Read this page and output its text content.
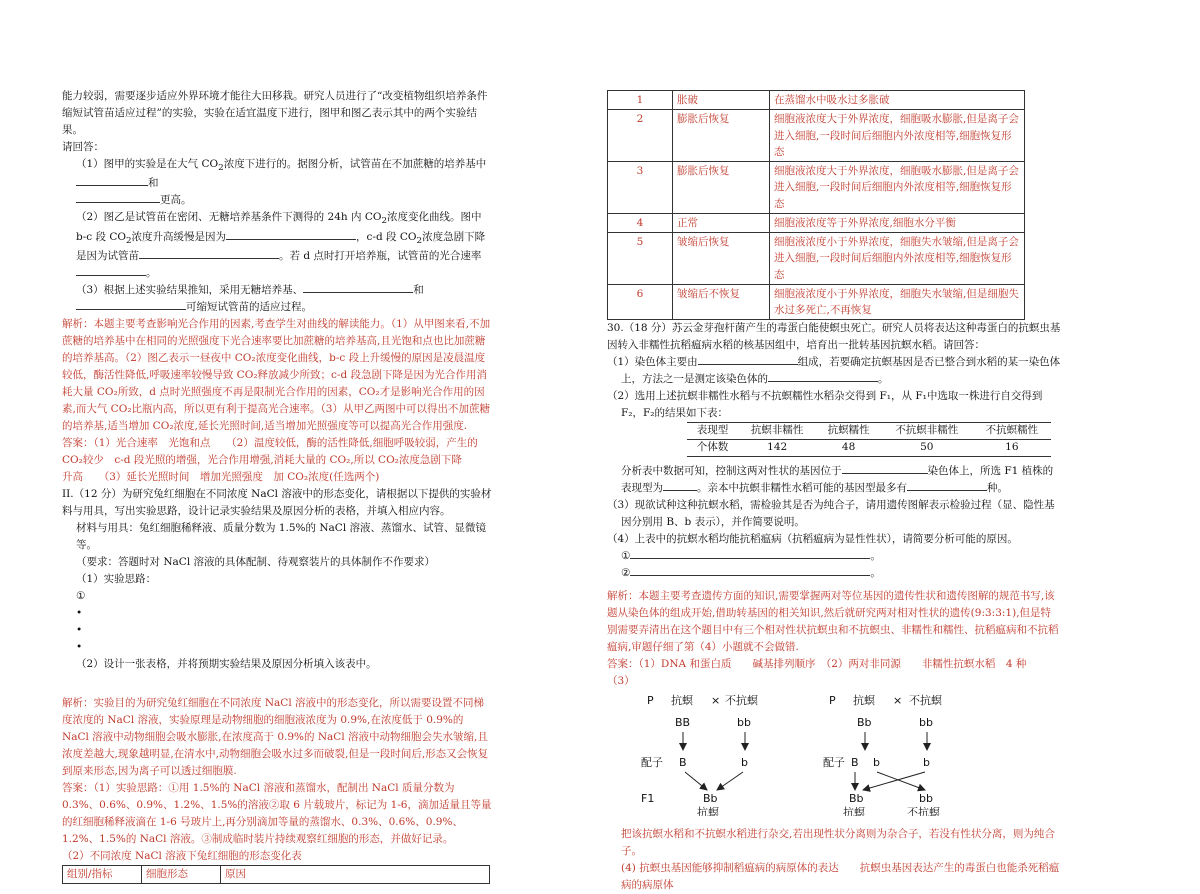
能力较弱，需要逐步适应外界环境才能往大田移栽。研究人员进行了“改变植物组织培养条件缩短试管苗适应过程”的实验，实验在适宜温度下进行，图甲和图乙表示其中的两个实验结果。

请回答：

（1）图甲的实验是在大气 $CO_2$浓度下进行的。据图分析，试管苗在不加蔗糖的培养基中和
更高。

（2）图乙是试管苗在密闭、无糖培养基条件下测得的 24h 内 $CO_2$浓度变化曲线。图中 b-c 段 $CO_2$浓度升高缓慢是因为	，c-d 段 $CO_2$浓度急剧下降是因为试管苗	。若 d 点时打开培养瓶，试管苗的光合速率。

（3）根据上述实验结果推知，采用无糖培养基、	和可缩短试管苗的适应过程。

解析：本题主要考查影响光合作用的因素,考查学生对曲线的解读能力。（1）从甲图来看,不加蔗糖的培养基中在相同的光照强度下光合速率要比加蔗糖的培养基高,且光饱和点也比加蔗糖的培养基高。（2）图乙表示一昼夜中 CO₂浓度变化曲线，b-c 段上升缓慢的原因是凌晨温度较低，酶活性降低,呼吸速率较慢导致 CO₂释放减少所致；c-d 段急剧下降是因为光合作用消耗大量 CO₂所致，d 点时光照强度不再是限制光合作用的因素，CO₂才是影响光合作用的因素,而大气 CO₂比瓶内高，所以更有利于提高光合速率。（3）从甲乙两图中可以得出不加蔗糖的培养基,适当增加 CO₂浓度,延长光照时间,适当增加光照强度等可以提高光合作用强度.

答案：（1）光合速率　光饱和点　　（2）温度较低，酶的活性降低,细胞呼吸较弱，产生的 CO₂较少　c-d 段光照的增强，光合作用增强,消耗大量的 CO₂,所以 CO₂浓度急剧下降　　　升高　　（3）延长光照时间　增加光照强度　加 CO₂浓度(任选两个)

II.（12 分）为研究兔红细胞在不同浓度 NaCl 溶液中的形态变化，请根据以下提供的实验材料与用具，写出实验思路，设计记录实验结果及原因分析的表格，并填入相应内容。

材料与用具：兔红细胞稀释液、质量分数为 1.5%的 NaCl 溶液、蒸馏水、试管、显微镜等。

（要求：答题时对 NaCl 溶液的具体配制、待观察装片的具体制作不作要求）

（1）实验思路：

①

•

•

•

（2）设计一张表格，并将预期实验结果及原因分析填入该表中。

解析：实验目的为研究兔红细胞在不同浓度 NaCl 溶液中的形态变化，所以需要设置不同梯度浓度的 NaCl 溶液，实验原理是动物细胞的细胞液浓度为 0.9%,在浓度低于 0.9%的 NaCl 溶液中动物细胞会吸水膨胀,在浓度高于 0.9%的 NaCl 溶液中动物细胞会失水皱缩,且浓度差越大,现象越明显,在清水中,动物细胞会吸水过多而破裂,但是一段时间后,形态又会恢复到原来形态,因为离子可以透过细胞膜.

答案：（1）实验思路：①用 1.5%的 NaCl 溶液和蒸馏水，配制出 NaCl 质量分数为 0.3%、0.6%、0.9%、1.2%、1.5%的溶液②取 6 片载玻片，标记为 1-6，滴加适量且等量的红细胞稀释液滴在 1-6 号玻片上,再分别滴加等量的蒸馏水、0.3%、0.6%、0.9%、1.2%、1.5%的 NaCl 溶液。③制成临时装片持续观察红细胞的形态，并做好记录。

（2）不同浓度 NaCl 溶液下兔红细胞的形态变化表

组别/指标	细胞形态	原因
1	胀破	在蒸馏水中吸水过多胀破
2	膨胀后恢复	细胞液浓度大于外界浓度，细胞吸水膨胀,但是离子会进入细胞,一段时间后细胞内外浓度相等,细胞恢复形态
3	膨胀后恢复	细胞液浓度大于外界浓度，细胞吸水膨胀,但是离子会进入细胞,一段时间后细胞内外浓度相等,细胞恢复形态
4	正常	细胞液浓度等于外界浓度,细胞水分平衡
5	皱缩后恢复	细胞液浓度小于外界浓度，细胞失水皱缩,但是离子会进入细胞,一段时间后细胞内外浓度相等,细胞恢复形态
6	皱缩后不恢复	细胞液浓度小于外界浓度，细胞失水皱缩,但是细胞失水过多死亡,不再恢复

30.（18 分）苏云金芽孢杆菌产生的毒蛋白能使螟虫死亡。研究人员将表达这种毒蛋白的抗螟虫基因转入非糯性抗稻瘟病水稻的核基因组中，培育出一批转基因抗螟水稻。请回答：

（1）染色体主要由	组成，若要确定抗螟基因是否已整合到水稻的某一染色体上，方法之一是测定该染色体的	。

（2）选用上述抗螟非糯性水稻与不抗螟糯性水稻杂交得到 F₁，从 F₁中选取一株进行自交得到 F₂，F₂的结果如下表：

表现型	抗螟非糯性	抗螟糯性	不抗螟非糯性	不抗螟糯性
个体数	142	48	50	16

分析表中数据可知，控制这两对性状的基因位于	染色体上，所选 F1 植株的表现型为	。亲本中抗螟非糯性水稻可能的基因型最多有	种。

（3）现欲试种这种抗螟水稻，需检验其是否为纯合子，请用遗传图解表示检验过程（显、隐性基因分别用 B、b 表示），并作简要说明。

（4）上表中的抗螟水稻均能抗稻瘟病（抗稻瘟病为显性性状），请简要分析可能的原因。

①	。

②	。

解析：本题主要考查遗传方面的知识,需要掌握两对等位基因的遗传性状和遗传图解的规范书写,该题从染色体的组成开始,借助转基因的相关知识,然后就研究两对相对性状的遗传(9:3:3:1),但是特别需要弄清出在这个题目中有三个相对性状抗螟虫和不抗螟虫、非糯性和糯性、抗稻瘟病和不抗稻瘟病,审题仔细了第（4）小题就不会做错.

答案：（1）DNA 和蛋白质　　碱基排列顺序　（2）两对非同源　　非糯性抗螟水稻　4 种

（3）

P 抗螟 × 不抗螟
BB	bb
配子 B	b
F1	Bb
抗螟
P 抗螟 × 不抗螟
Bb	bb
配子 B b	b
Bb	bb
抗螟	不抗螟

把该抗螟水稻和不抗螟水稻进行杂交,若出现性状分离则为杂合子，若没有性状分离，则为纯合子。

(4) 抗螟虫基因能够抑制稻瘟病的病原体的表达　　抗螟虫基因表达产生的毒蛋白也能杀死稻瘟病的病原体
